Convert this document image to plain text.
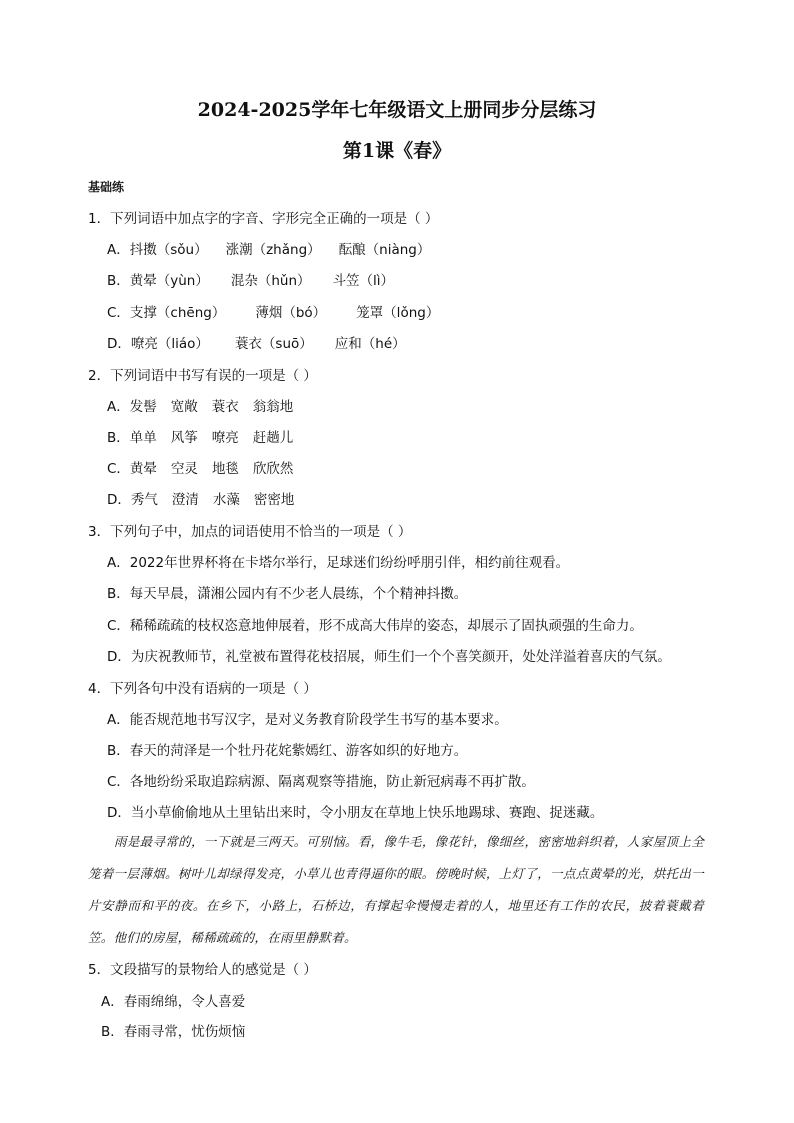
2024-2025学年七年级语文上册同步分层练习
第1课《春》
基础练
1．下列词语中加点字的字音、字形完全正确的一项是（ ）
A．抖擞（sǒu） 涨潮（zhǎng） 酝酿（niàng）
B．黄晕（yùn） 混杂（hǔn） 斗笠（lì）
C．支撑（chēng） 薄烟（bó） 笼罩（lǒng）
D．嘹亮（liáo） 蓑衣（suō） 应和（hé）
2．下列词语中书写有误的一项是（ ）
A．发髻 宽敞 蓑衣 翁翁地
B．单单 风筝 嘹亮 赶趟儿
C．黄晕 空灵 地毯 欣欣然
D．秀气 澄清 水藻 密密地
3．下列句子中，加点的词语使用不恰当的一项是（ ）
A．2022年世界杯将在卡塔尔举行，足球迷们纷纷呼朋引伴，相约前往观看。
B．每天早晨，潇湘公园内有不少老人晨练，个个精神抖擞。
C．稀稀疏疏的枝权恣意地伸展着，形不成高大伟岸的姿态，却展示了固执顽强的生命力。
D．为庆祝教师节，礼堂被布置得花枝招展，师生们一个个喜笑颜开，处处洋溢着喜庆的气氛。
4．下列各句中没有语病的一项是（ ）
A．能否规范地书写汉字，是对义务教育阶段学生书写的基本要求。
B．春天的菏泽是一个牡丹花姹紫嫣红、游客如织的好地方。
C．各地纷纷采取追踪病源、隔离观察等措施，防止新冠病毒不再扩散。
D．当小草偷偷地从土里钻出来时，令小朋友在草地上快乐地踢球、赛跑、捉迷藏。
雨是最寻常的，一下就是三两天。可别恼。看，像牛毛，像花针，像细丝，密密地斜织着，人家屋顶上全笼着一层薄烟。树叶儿却绿得发亮，小草儿也青得逼你的眼。傍晚时候，上灯了，一点点黄晕的光，烘托出一片安静而和平的夜。在乡下，小路上，石桥边，有撑起伞慢慢走着的人，地里还有工作的农民，披着蓑戴着笠。他们的房屋，稀稀疏疏的，在雨里静默着。
5．文段描写的景物给人的感觉是（ ）
A．春雨绵绵，令人喜爱
B．春雨寻常，忧伤烦恼
